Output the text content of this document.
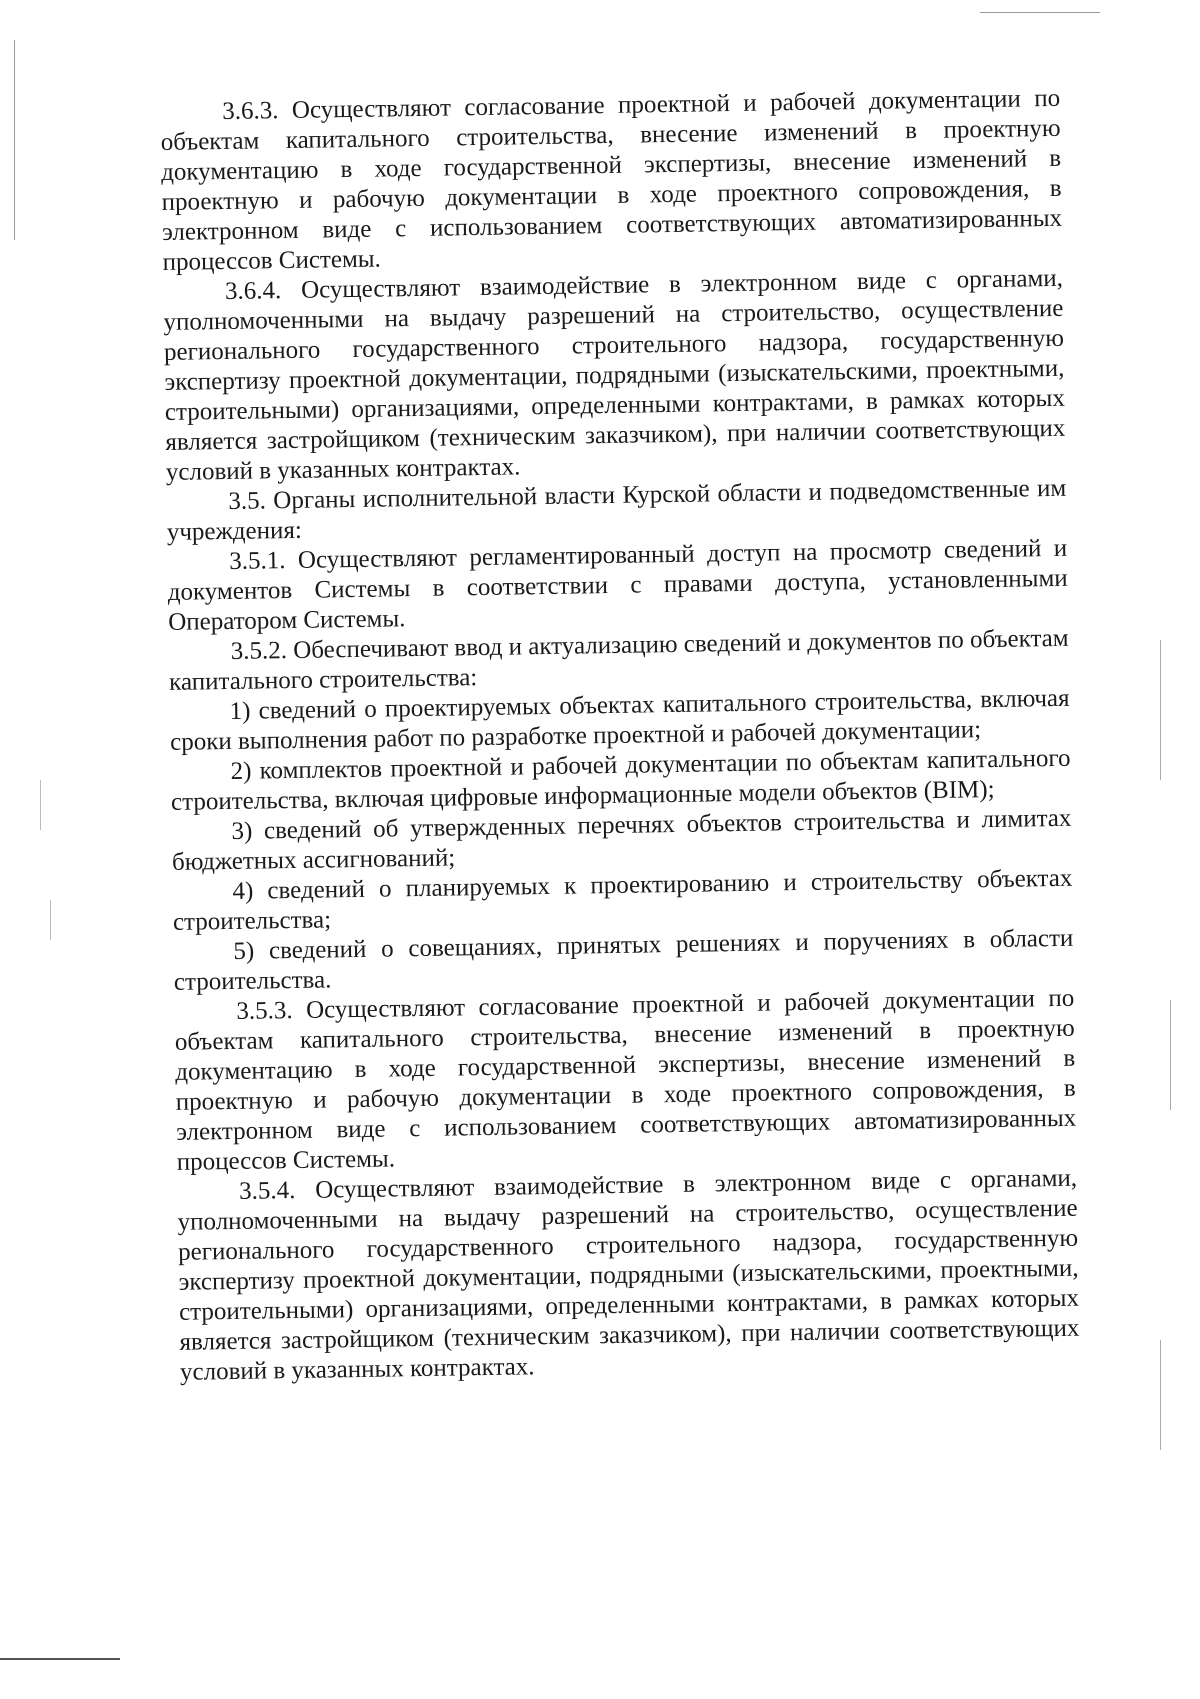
3.6.3. Осуществляют согласование проектной и рабочей документации по объектам капитального строительства, внесение изменений в проектную документацию в ходе государственной экспертизы, внесение изменений в проектную и рабочую документации в ходе проектного сопровождения, в электронном виде с использованием соответствующих автоматизированных процессов Системы.

3.6.4. Осуществляют взаимодействие в электронном виде с органами, уполномоченными на выдачу разрешений на строительство, осуществление регионального государственного строительного надзора, государственную экспертизу проектной документации, подрядными (изыскательскими, проектными, строительными) организациями, определенными контрактами, в рамках которых является застройщиком (техническим заказчиком), при наличии соответствующих условий в указанных контрактах.

3.5. Органы исполнительной власти Курской области и подведомственные им учреждения:

3.5.1. Осуществляют регламентированный доступ на просмотр сведений и документов Системы в соответствии с правами доступа, установленными Оператором Системы.

3.5.2. Обеспечивают ввод и актуализацию сведений и документов по объектам капитального строительства:

1) сведений о проектируемых объектах капитального строительства, включая сроки выполнения работ по разработке проектной и рабочей документации;

2) комплектов проектной и рабочей документации по объектам капитального строительства, включая цифровые информационные модели объектов (BIM);

3) сведений об утвержденных перечнях объектов строительства и лимитах бюджетных ассигнований;

4) сведений о планируемых к проектированию и строительству объектах строительства;

5) сведений о совещаниях, принятых решениях и поручениях в области строительства.

3.5.3. Осуществляют согласование проектной и рабочей документации по объектам капитального строительства, внесение изменений в проектную документацию в ходе государственной экспертизы, внесение изменений в проектную и рабочую документации в ходе проектного сопровождения, в электронном виде с использованием соответствующих автоматизированных процессов Системы.

3.5.4. Осуществляют взаимодействие в электронном виде с органами, уполномоченными на выдачу разрешений на строительство, осуществление регионального государственного строительного надзора, государственную экспертизу проектной документации, подрядными (изыскательскими, проектными, строительными) организациями, определенными контрактами, в рамках которых является застройщиком (техническим заказчиком), при наличии соответствующих условий в указанных контрактах.
